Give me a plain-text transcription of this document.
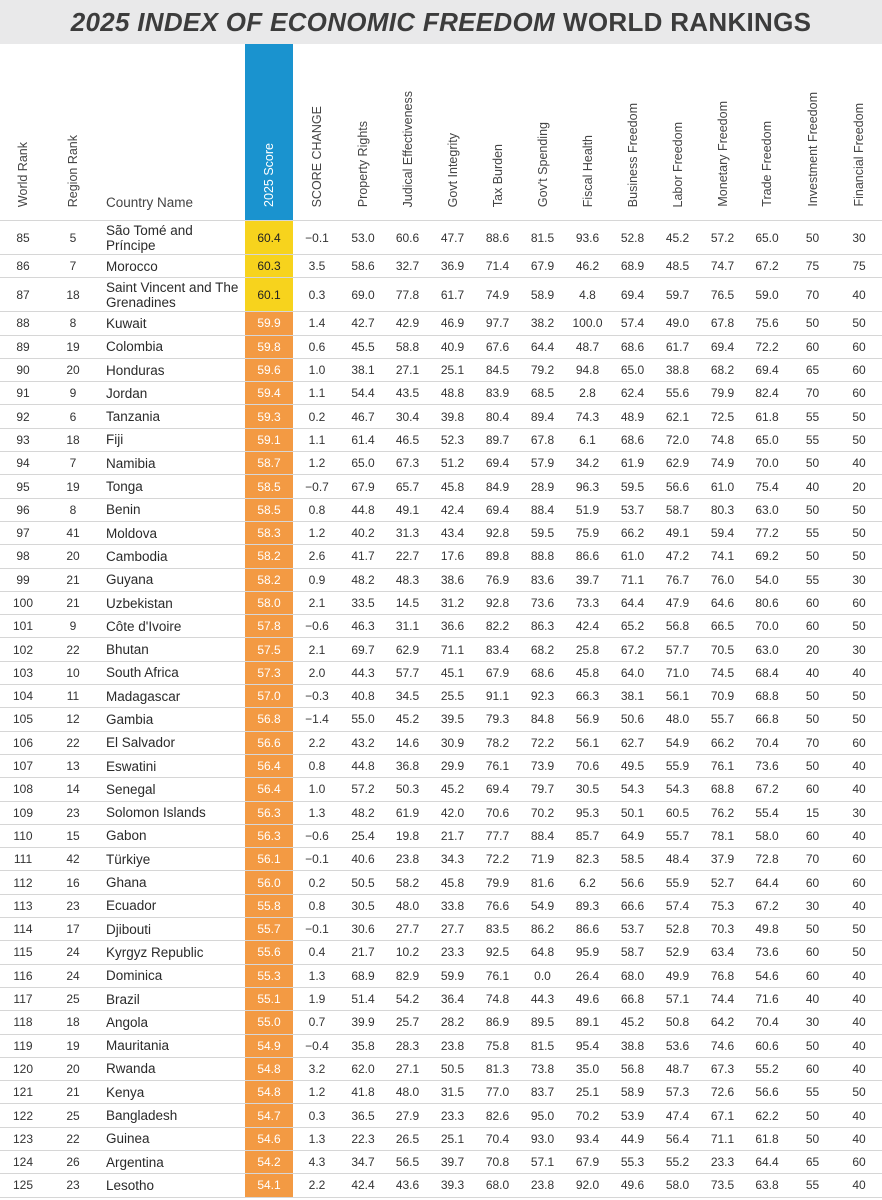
2025 INDEX OF ECONOMIC FREEDOM WORLD RANKINGS
World Rank	Region Rank	Country Name	2025 Score	SCORE CHANGE	Property Rights	Judical Effectiveness	Govt Integrity	Tax Burden	Gov't Spending	Fiscal Health	Business Freedom	Labor Freedom	Monetary Freedom	Trade Freedom	Investment Freedom	Financial Freedom
85	5	São Tomé and Príncipe	60.4	−0.1	53.0	60.6	47.7	88.6	81.5	93.6	52.8	45.2	57.2	65.0	50	30
86	7	Morocco	60.3	3.5	58.6	32.7	36.9	71.4	67.9	46.2	68.9	48.5	74.7	67.2	75	75
87	18	Saint Vincent and The Grenadines	60.1	0.3	69.0	77.8	61.7	74.9	58.9	4.8	69.4	59.7	76.5	59.0	70	40
88	8	Kuwait	59.9	1.4	42.7	42.9	46.9	97.7	38.2	100.0	57.4	49.0	67.8	75.6	50	50
89	19	Colombia	59.8	0.6	45.5	58.8	40.9	67.6	64.4	48.7	68.6	61.7	69.4	72.2	60	60
90	20	Honduras	59.6	1.0	38.1	27.1	25.1	84.5	79.2	94.8	65.0	38.8	68.2	69.4	65	60
91	9	Jordan	59.4	1.1	54.4	43.5	48.8	83.9	68.5	2.8	62.4	55.6	79.9	82.4	70	60
92	6	Tanzania	59.3	0.2	46.7	30.4	39.8	80.4	89.4	74.3	48.9	62.1	72.5	61.8	55	50
93	18	Fiji	59.1	1.1	61.4	46.5	52.3	89.7	67.8	6.1	68.6	72.0	74.8	65.0	55	50
94	7	Namibia	58.7	1.2	65.0	67.3	51.2	69.4	57.9	34.2	61.9	62.9	74.9	70.0	50	40
95	19	Tonga	58.5	−0.7	67.9	65.7	45.8	84.9	28.9	96.3	59.5	56.6	61.0	75.4	40	20
96	8	Benin	58.5	0.8	44.8	49.1	42.4	69.4	88.4	51.9	53.7	58.7	80.3	63.0	50	50
97	41	Moldova	58.3	1.2	40.2	31.3	43.4	92.8	59.5	75.9	66.2	49.1	59.4	77.2	55	50
98	20	Cambodia	58.2	2.6	41.7	22.7	17.6	89.8	88.8	86.6	61.0	47.2	74.1	69.2	50	50
99	21	Guyana	58.2	0.9	48.2	48.3	38.6	76.9	83.6	39.7	71.1	76.7	76.0	54.0	55	30
100	21	Uzbekistan	58.0	2.1	33.5	14.5	31.2	92.8	73.6	73.3	64.4	47.9	64.6	80.6	60	60
101	9	Côte d'Ivoire	57.8	−0.6	46.3	31.1	36.6	82.2	86.3	42.4	65.2	56.8	66.5	70.0	60	50
102	22	Bhutan	57.5	2.1	69.7	62.9	71.1	83.4	68.2	25.8	67.2	57.7	70.5	63.0	20	30
103	10	South Africa	57.3	2.0	44.3	57.7	45.1	67.9	68.6	45.8	64.0	71.0	74.5	68.4	40	40
104	11	Madagascar	57.0	−0.3	40.8	34.5	25.5	91.1	92.3	66.3	38.1	56.1	70.9	68.8	50	50
105	12	Gambia	56.8	−1.4	55.0	45.2	39.5	79.3	84.8	56.9	50.6	48.0	55.7	66.8	50	50
106	22	El Salvador	56.6	2.2	43.2	14.6	30.9	78.2	72.2	56.1	62.7	54.9	66.2	70.4	70	60
107	13	Eswatini	56.4	0.8	44.8	36.8	29.9	76.1	73.9	70.6	49.5	55.9	76.1	73.6	50	40
108	14	Senegal	56.4	1.0	57.2	50.3	45.2	69.4	79.7	30.5	54.3	54.3	68.8	67.2	60	40
109	23	Solomon Islands	56.3	1.3	48.2	61.9	42.0	70.6	70.2	95.3	50.1	60.5	76.2	55.4	15	30
110	15	Gabon	56.3	−0.6	25.4	19.8	21.7	77.7	88.4	85.7	64.9	55.7	78.1	58.0	60	40
111	42	Türkiye	56.1	−0.1	40.6	23.8	34.3	72.2	71.9	82.3	58.5	48.4	37.9	72.8	70	60
112	16	Ghana	56.0	0.2	50.5	58.2	45.8	79.9	81.6	6.2	56.6	55.9	52.7	64.4	60	60
113	23	Ecuador	55.8	0.8	30.5	48.0	33.8	76.6	54.9	89.3	66.6	57.4	75.3	67.2	30	40
114	17	Djibouti	55.7	−0.1	30.6	27.7	27.7	83.5	86.2	86.6	53.7	52.8	70.3	49.8	50	50
115	24	Kyrgyz Republic	55.6	0.4	21.7	10.2	23.3	92.5	64.8	95.9	58.7	52.9	63.4	73.6	60	50
116	24	Dominica	55.3	1.3	68.9	82.9	59.9	76.1	0.0	26.4	68.0	49.9	76.8	54.6	60	40
117	25	Brazil	55.1	1.9	51.4	54.2	36.4	74.8	44.3	49.6	66.8	57.1	74.4	71.6	40	40
118	18	Angola	55.0	0.7	39.9	25.7	28.2	86.9	89.5	89.1	45.2	50.8	64.2	70.4	30	40
119	19	Mauritania	54.9	−0.4	35.8	28.3	23.8	75.8	81.5	95.4	38.8	53.6	74.6	60.6	50	40
120	20	Rwanda	54.8	3.2	62.0	27.1	50.5	81.3	73.8	35.0	56.8	48.7	67.3	55.2	60	40
121	21	Kenya	54.8	1.2	41.8	48.0	31.5	77.0	83.7	25.1	58.9	57.3	72.6	56.6	55	50
122	25	Bangladesh	54.7	0.3	36.5	27.9	23.3	82.6	95.0	70.2	53.9	47.4	67.1	62.2	50	40
123	22	Guinea	54.6	1.3	22.3	26.5	25.1	70.4	93.0	93.4	44.9	56.4	71.1	61.8	50	40
124	26	Argentina	54.2	4.3	34.7	56.5	39.7	70.8	57.1	67.9	55.3	55.2	23.3	64.4	65	60
125	23	Lesotho	54.1	2.2	42.4	43.6	39.3	68.0	23.8	92.0	49.6	58.0	73.5	63.8	55	40
